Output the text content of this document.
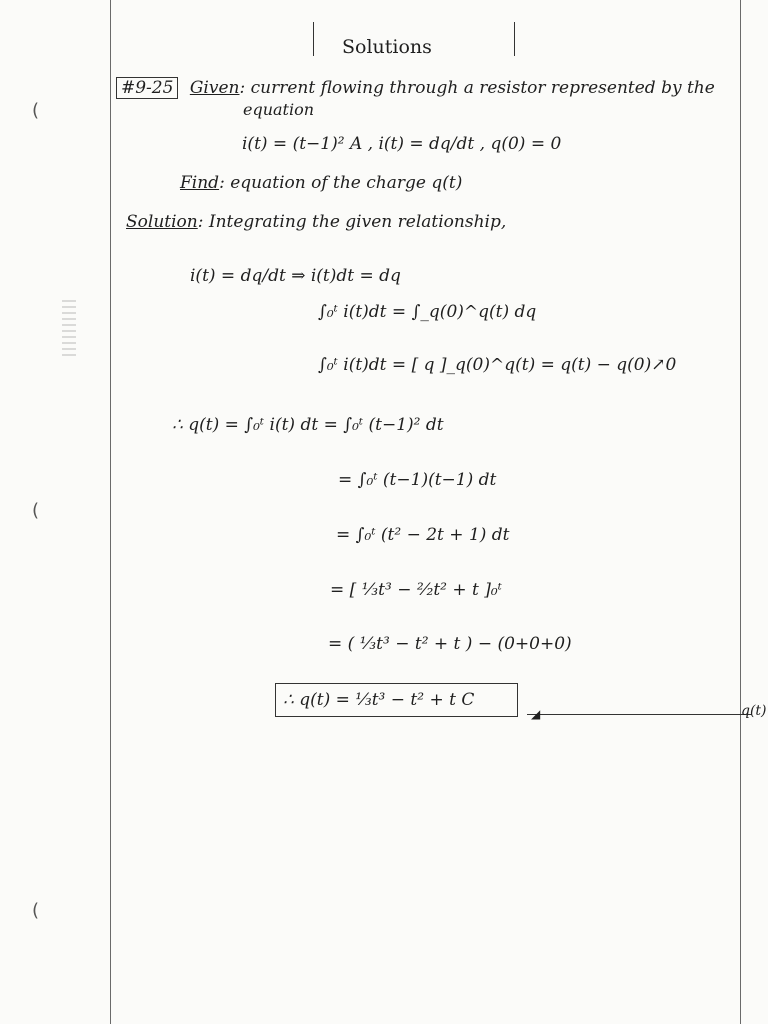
(
(
(
Solutions
#9-25 Given: current flowing through a resistor represented by the
equation
i(t) = (t−1)² A , i(t) = dq/dt , q(0) = 0
Find: equation of the charge q(t)
Solution: Integrating the given relationship,
i(t) = dq/dt ⇒ i(t)dt = dq
∫₀ᵗ i(t)dt = ∫_q(0)^q(t) dq
∫₀ᵗ i(t)dt = [ q ]_q(0)^q(t) = q(t) − q(0)↗0
∴ q(t) = ∫₀ᵗ i(t) dt = ∫₀ᵗ (t−1)² dt
= ∫₀ᵗ (t−1)(t−1) dt
= ∫₀ᵗ (t² − 2t + 1) dt
= [ ⅓t³ − ²⁄₂t² + t ]₀ᵗ
= ( ⅓t³ − t² + t ) − (0+0+0)
∴ q(t) = ⅓t³ − t² + t C
◢	q(t)
